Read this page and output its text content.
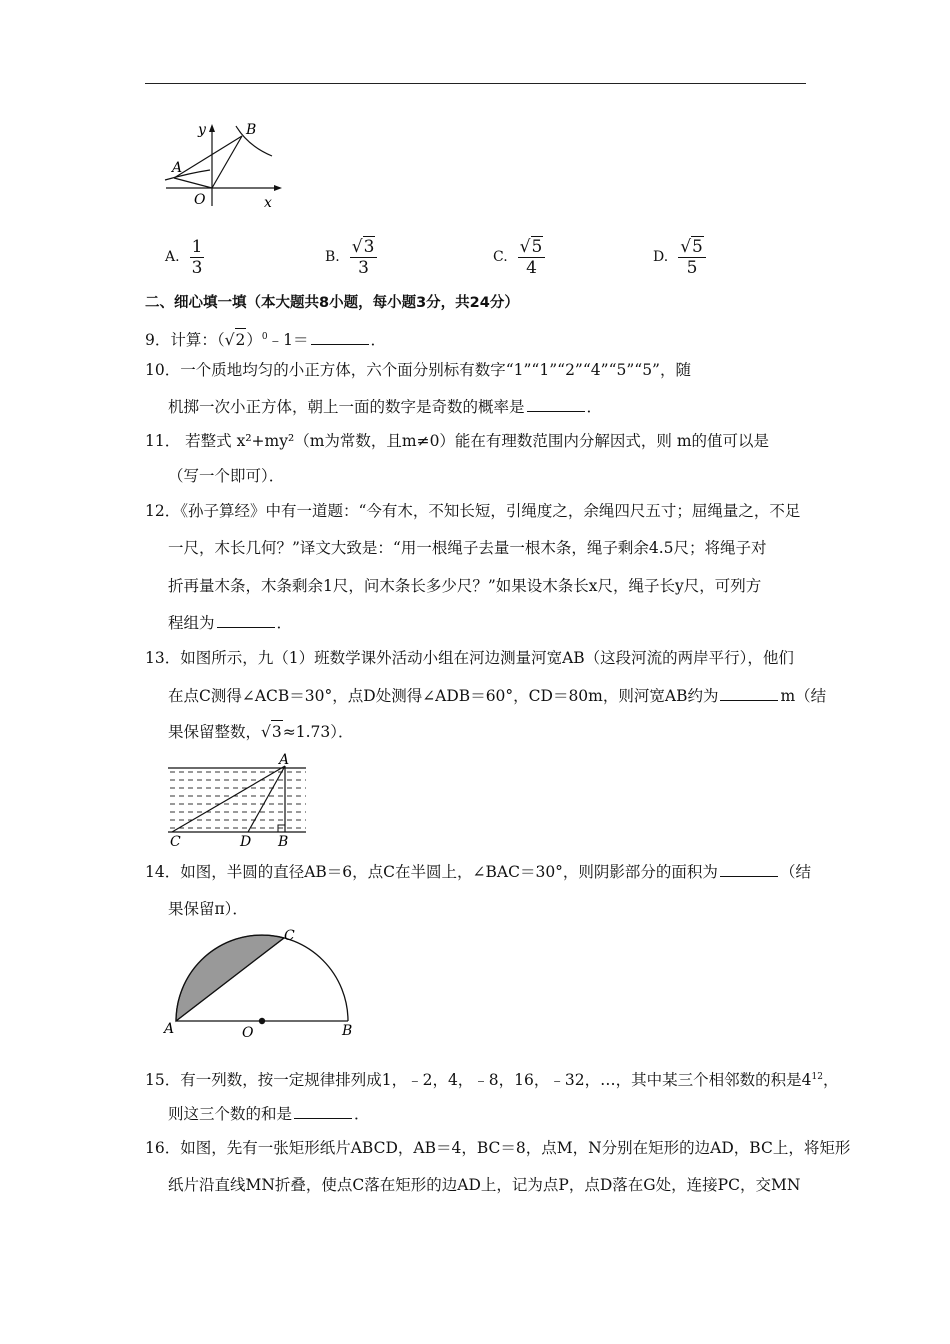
y	B
A
O	x
A. $\frac{1}{3}$	B. $\frac{√ 3}{3}$	C. $\frac{√ 5}{4}$	D. $\frac{√ 5}{5}$
二、细心填一填（本大题共8小题，每小题3分，共24分）
9．计算：（ √ 2 ）$^0$﹣1＝	．
10．一个质地均匀的小正方体，六个面分别标有数字“1”“1”“2”“4”“5”“5”，随
机掷一次小正方体，朝上一面的数字是奇数的概率是	．
11． 若整式 x²+my²（m为常数，且m≠0）能在有理数范围内分解因式，则 m的值可以是
（写一个即可）．
12．《孙子算经》中有一道题：“今有木，不知长短，引绳度之，余绳四尺五寸；屈绳量之，不足
一尺，木长几何？”译文大致是：“用一根绳子去量一根木条，绳子剩余4.5尺；将绳子对
折再量木条，木条剩余1尺，问木条长多少尺？”如果设木条长x尺，绳子长y尺，可列方
程组为	．
13．如图所示，九（1）班数学课外活动小组在河边测量河宽AB（这段河流的两岸平行），他们
在点C测得∠ACB＝30°，点D处测得∠ADB＝60°，CD＝80m，则河宽AB约为	m（结
果保留整数， √ 3 ≈1.73）．
A
C	D B
14．如图，半圆的直径AB＝6，点C在半圆上，∠BAC＝30°，则阴影部分的面积为	（结
果保留π）．
C
A	O	B
15．有一列数，按一定规律排列成1，﹣2，4，﹣8，16，﹣32，…，其中某三个相邻数的积是$4^{12}$，
则这三个数的和是	．
16．如图，先有一张矩形纸片ABCD，AB＝4，BC＝8，点M，N分别在矩形的边AD，BC上，将矩形
纸片沿直线MN折叠，使点C落在矩形的边AD上，记为点P，点D落在G处，连接PC，交MN
